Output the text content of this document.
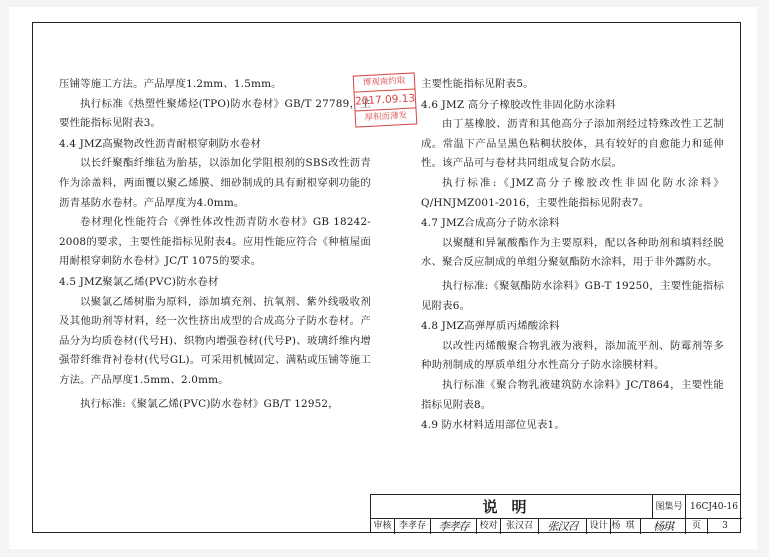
压铺等施工方法。产品厚度1.2mm、1.5mm。

执行标准《热塑性聚烯烃(TPO)防水卷材》GB/T 27789，主要性能指标见附表3。

4.4 JMZ高聚物改性沥青耐根穿刺防水卷材

以长纤聚酯纤维毡为胎基，以添加化学阻根剂的SBS改性沥青作为涂盖料，两面覆以聚乙烯膜、细砂制成的具有耐根穿刺功能的沥青基防水卷材。产品厚度为4.0mm。

卷材理化性能符合《弹性体改性沥青防水卷材》GB 18242-2008的要求，主要性能指标见附表4。应用性能应符合《种植屋面用耐根穿刺防水卷材》JC/T 1075的要求。

4.5 JMZ聚氯乙烯(PVC)防水卷材

以聚氯乙烯树脂为原料，添加填充剂、抗氧剂、紫外线吸收剂及其他助剂等材料，经一次性挤出成型的合成高分子防水卷材。产品分为均质卷材(代号H)、织物内增强卷材(代号P)、玻璃纤维内增强带纤维背衬卷材(代号GL)。可采用机械固定、满粘或压铺等施工方法。产品厚度1.5mm、2.0mm。

执行标准:《聚氯乙烯(PVC)防水卷材》GB/T 12952，

主要性能指标见附表5。

4.6 JMZ 高分子橡胶改性非固化防水涂料

由丁基橡胶、沥青和其他高分子添加剂经过特殊改性工艺制成。常温下产品呈黑色粘稠状胶体，具有较好的自愈能力和延伸性。该产品可与卷材共同组成复合防水层。

执行标准:《JMZ高分子橡胶改性非固化防水涂料》Q/HNJMZ001-2016，主要性能指标见附表7。

4.7 JMZ合成高分子防水涂料

以聚醚和异氰酸酯作为主要原料，配以各种助剂和填料经脱水、聚合反应制成的单组分聚氨酯防水涂料，用于非外露防水。

执行标准:《聚氨酯防水涂料》GB-T 19250，主要性能指标见附表6。

4.8 JMZ高弹厚质丙烯酸涂料

以改性丙烯酸聚合物乳液为液料，添加流平剂、防霉剂等多种助剂制成的厚质单组分水性高分子防水涂膜材料。

执行标准《聚合物乳液建筑防水涂料》JC/T864，主要性能指标见附表8。

4.9 防水材料适用部位见表1。

博观南约取
2017.09.13
厚积而薄发
说明	图集号 16CJ40-16
审核 李孝存	李孝存	校对 张汉召	张汉召	设计 杨琪	杨琪	页	3
